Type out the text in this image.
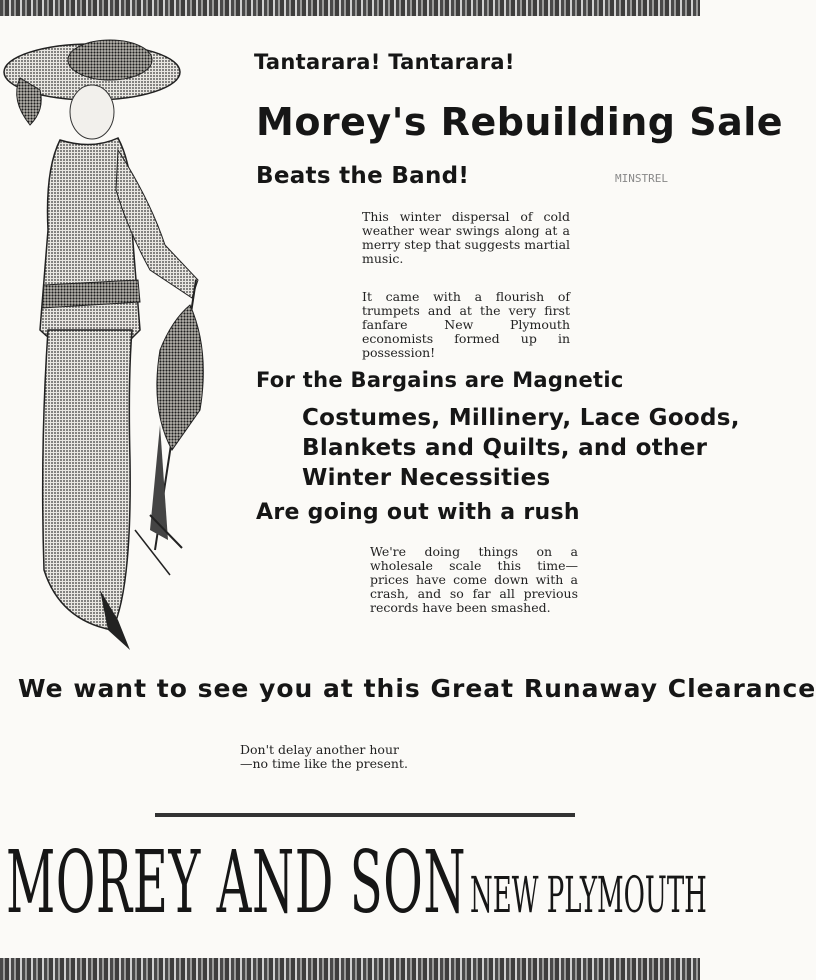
Tantarara! Tantarara!
Morey's Rebuilding Sale
Beats the Band!	MINSTREL
This winter dispersal of cold weather wear swings along at a merry step that suggests martial music.
It came with a flourish of trumpets and at the very first fanfare New Plymouth economists formed up in possession!
For the Bargains are Magnetic
Costumes, Millinery, Lace Goods,
Blankets and Quilts, and other
Winter Necessities
Are going out with a rush
We're doing things on a wholesale scale this time—prices have come down with a crash, and so far all previous records have been smashed.
We want to see you at this Great Runaway Clearance
Don't delay another hour—no time like the present.
MOREY AND SON NEW PLYMOUTH
